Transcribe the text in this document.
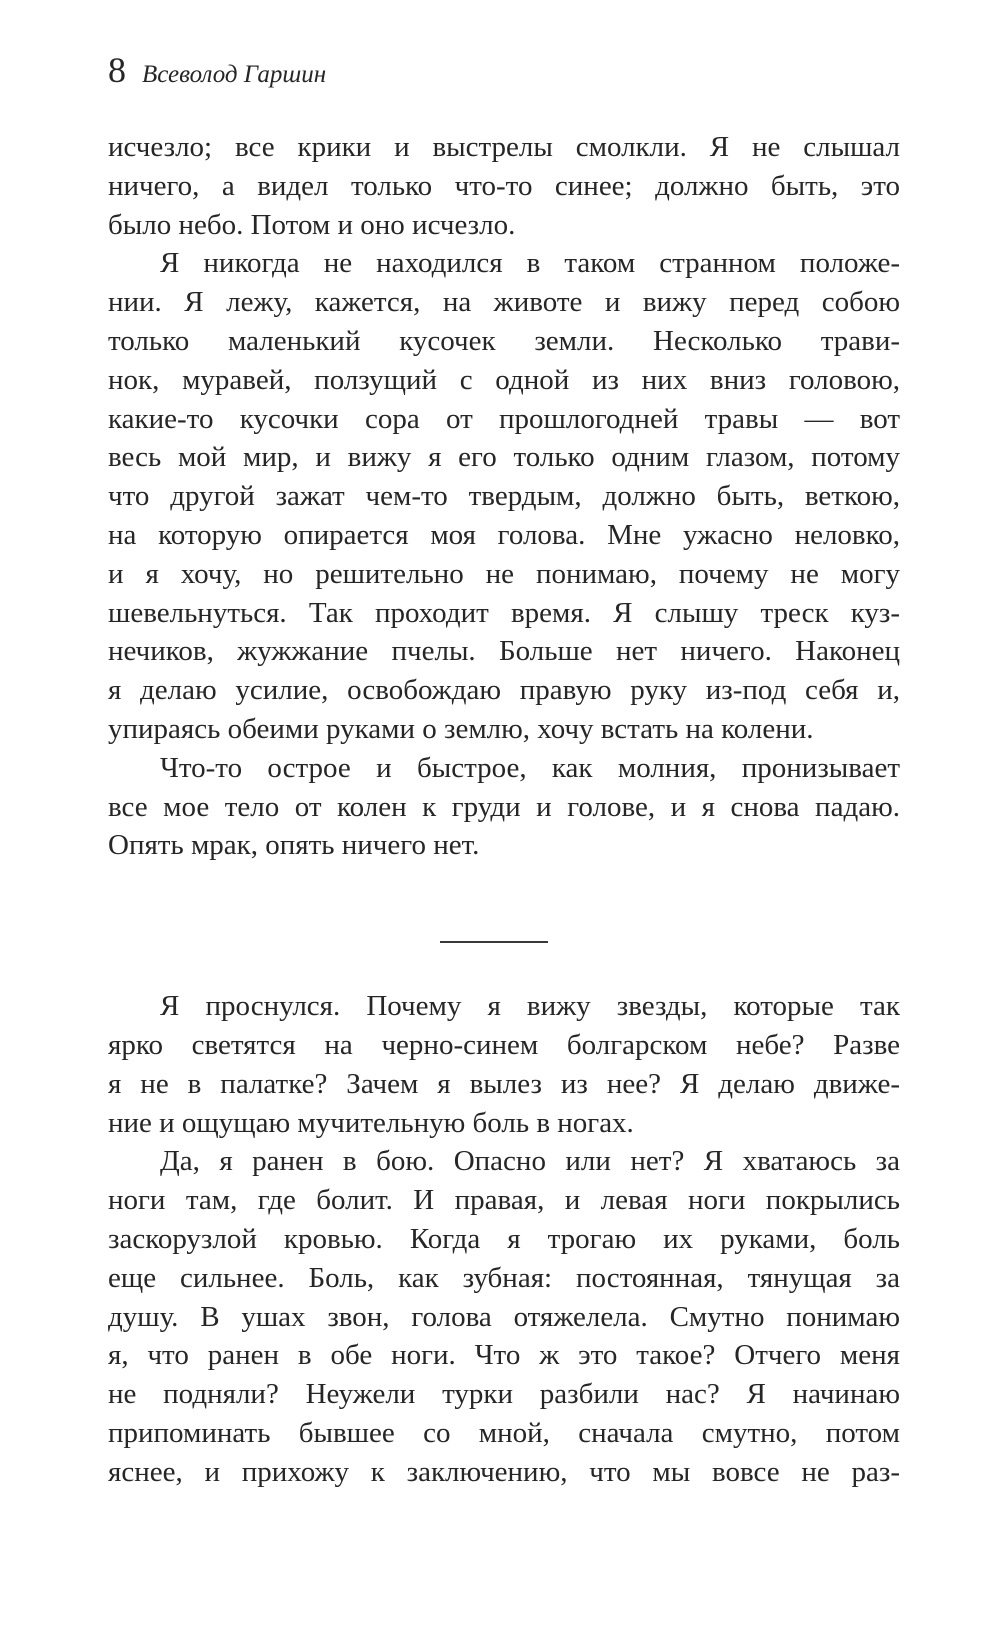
8 Всеволод Гаршин
исчезло; все крики и выстрелы смолкли. Я не слышал
ничего, а видел только что-то синее; должно быть, это
было небо. Потом и оно исчезло.
Я никогда не находился в таком странном положе-
нии. Я лежу, кажется, на животе и вижу перед собою
только маленький кусочек земли. Несколько трави-
нок, муравей, ползущий с одной из них вниз головою,
какие-то кусочки сора от прошлогодней травы — вот
весь мой мир, и вижу я его только одним глазом, потому
что другой зажат чем-то твердым, должно быть, веткою,
на которую опирается моя голова. Мне ужасно неловко,
и я хочу, но решительно не понимаю, почему не могу
шевельнуться. Так проходит время. Я слышу треск куз-
нечиков, жужжание пчелы. Больше нет ничего. Наконец
я делаю усилие, освобождаю правую руку из-под себя и,
упираясь обеими руками о землю, хочу встать на колени.
Что-то острое и быстрое, как молния, пронизывает
все мое тело от колен к груди и голове, и я снова падаю.
Опять мрак, опять ничего нет.
Я проснулся. Почему я вижу звезды, которые так
ярко светятся на черно-синем болгарском небе? Разве
я не в палатке? Зачем я вылез из нее? Я делаю движе-
ние и ощущаю мучительную боль в ногах.
Да, я ранен в бою. Опасно или нет? Я хватаюсь за
ноги там, где болит. И правая, и левая ноги покрылись
заскорузлой кровью. Когда я трогаю их руками, боль
еще сильнее. Боль, как зубная: постоянная, тянущая за
душу. В ушах звон, голова отяжелела. Смутно понимаю
я, что ранен в обе ноги. Что ж это такое? Отчего меня
не подняли? Неужели турки разбили нас? Я начинаю
припоминать бывшее со мной, сначала смутно, потом
яснее, и прихожу к заключению, что мы вовсе не раз-
